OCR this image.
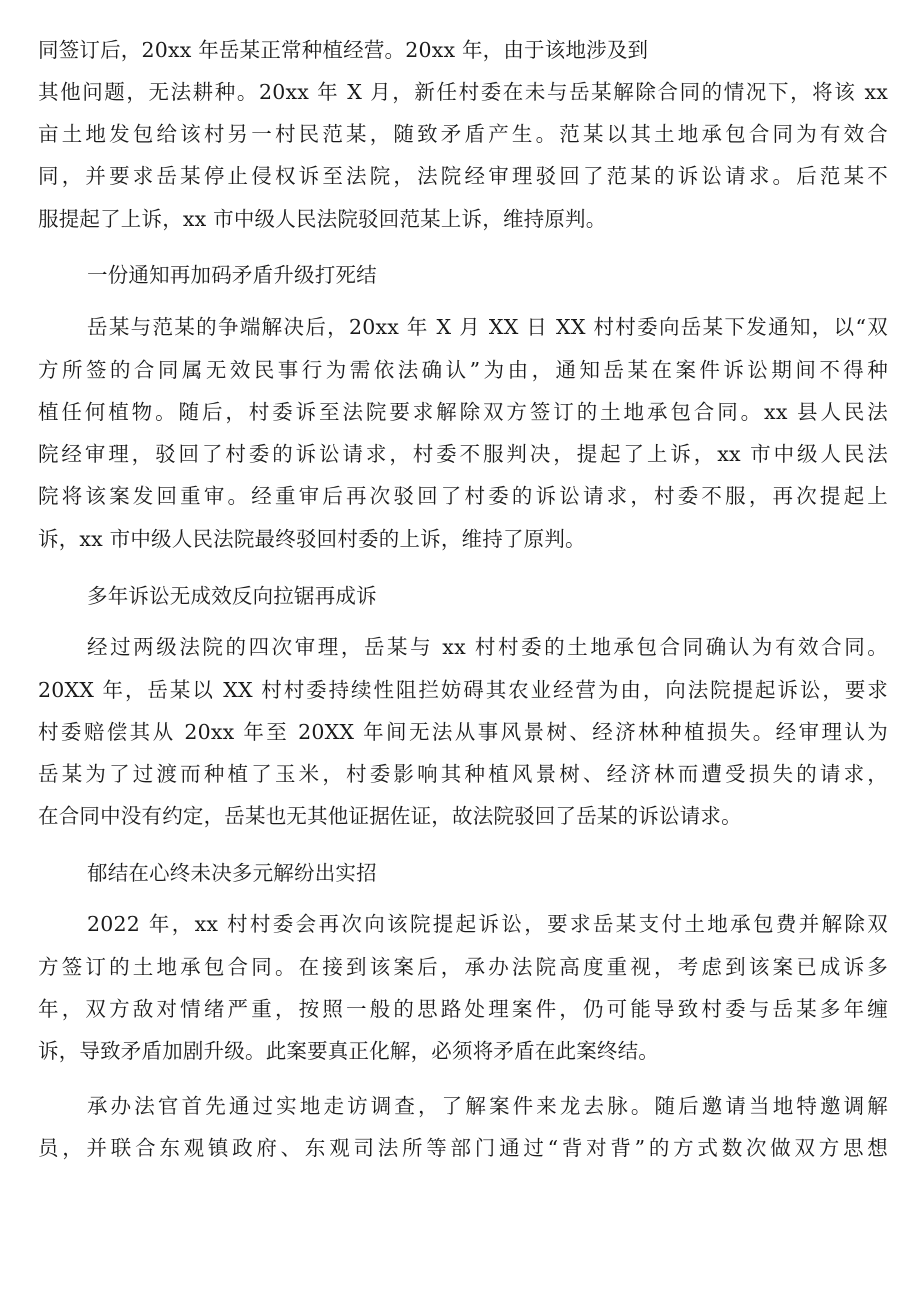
同签订后，20xx 年岳某正常种植经营。20xx 年，由于该地涉及到
其他问题，无法耕种。20xx 年 X 月，新任村委在未与岳某解除合同的情况下，将该 xx
亩土地发包给该村另一村民范某，随致矛盾产生。范某以其土地承包合同为有效合
同，并要求岳某停止侵权诉至法院，法院经审理驳回了范某的诉讼请求。后范某不
服提起了上诉，xx 市中级人民法院驳回范某上诉，维持原判。
一份通知再加码矛盾升级打死结
岳某与范某的争端解决后，20xx 年 X 月 XX 日 XX 村村委向岳某下发通知，以“双
方所签的合同属无效民事行为需依法确认”为由，通知岳某在案件诉讼期间不得种
植任何植物。随后，村委诉至法院要求解除双方签订的土地承包合同。xx 县人民法
院经审理，驳回了村委的诉讼请求，村委不服判决，提起了上诉，xx 市中级人民法
院将该案发回重审。经重审后再次驳回了村委的诉讼请求，村委不服，再次提起上
诉，xx 市中级人民法院最终驳回村委的上诉，维持了原判。
多年诉讼无成效反向拉锯再成诉
经过两级法院的四次审理，岳某与 xx 村村委的土地承包合同确认为有效合同。
20XX 年，岳某以 XX 村村委持续性阻拦妨碍其农业经营为由，向法院提起诉讼，要求
村委赔偿其从 20xx 年至 20XX 年间无法从事风景树、经济林种植损失。经审理认为
岳某为了过渡而种植了玉米，村委影响其种植风景树、经济林而遭受损失的请求，
在合同中没有约定，岳某也无其他证据佐证，故法院驳回了岳某的诉讼请求。
郁结在心终未决多元解纷出实招
2022 年，xx 村村委会再次向该院提起诉讼，要求岳某支付土地承包费并解除双
方签订的土地承包合同。在接到该案后，承办法院高度重视，考虑到该案已成诉多
年，双方敌对情绪严重，按照一般的思路处理案件，仍可能导致村委与岳某多年缠
诉，导致矛盾加剧升级。此案要真正化解，必须将矛盾在此案终结。
承办法官首先通过实地走访调查，了解案件来龙去脉。随后邀请当地特邀调解
员，并联合东观镇政府、东观司法所等部门通过“背对背”的方式数次做双方思想
